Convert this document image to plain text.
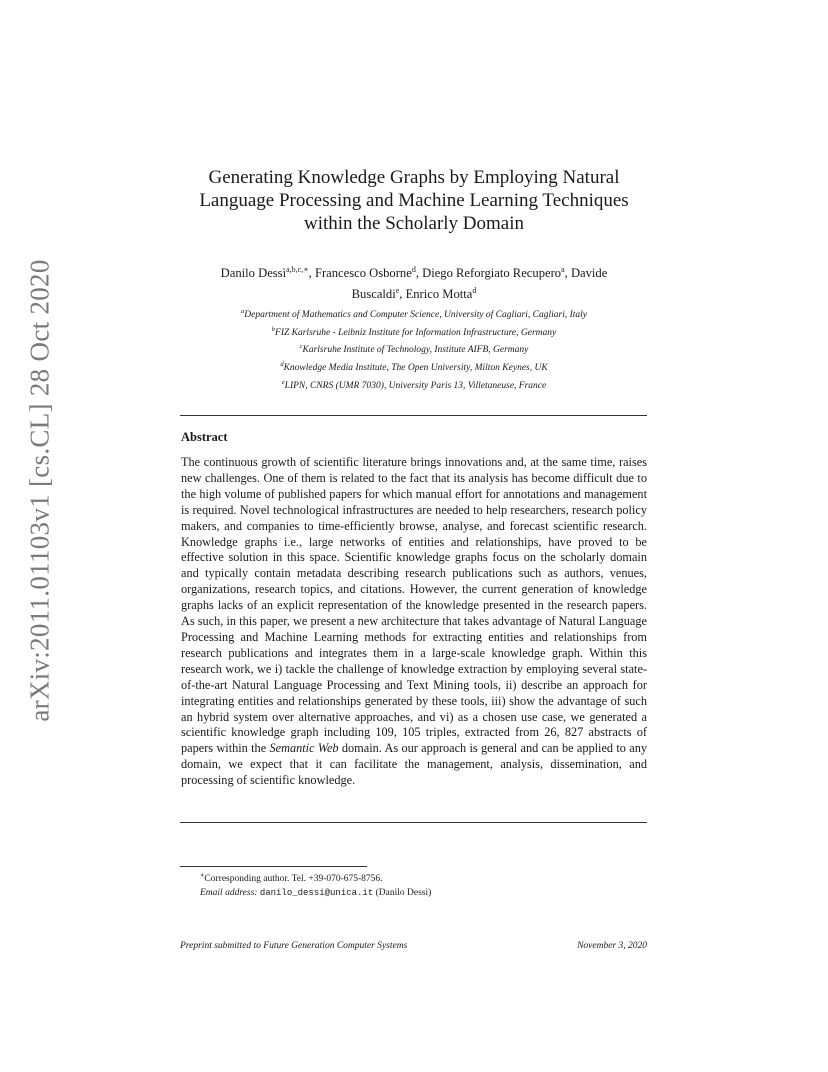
arXiv:2011.01103v1 [cs.CL] 28 Oct 2020
Generating Knowledge Graphs by Employing Natural
Language Processing and Machine Learning Techniques
within the Scholarly Domain
Danilo Dessì$^{a,b,c,∗}$, Francesco Osborne$^d$, Diego Reforgiato Recupero$^a$, Davide
Buscaldi$^e$, Enrico Motta$^d$
$^a$Department of Mathematics and Computer Science, University of Cagliari, Cagliari, Italy
$^b$FIZ Karlsruhe - Leibniz Institute for Information Infrastructure, Germany
$^c$Karlsruhe Institute of Technology, Institute AIFB, Germany
$^d$Knowledge Media Institute, The Open University, Milton Keynes, UK
$^e$LIPN, CNRS (UMR 7030), University Paris 13, Villetaneuse, France
Abstract

The continuous growth of scientific literature brings innovations and, at the same time, raises new challenges. One of them is related to the fact that its analysis has become difficult due to the high volume of published papers for which manual effort for annotations and management is required. Novel technological infrastructures are needed to help researchers, research policy makers, and companies to time-efficiently browse, analyse, and forecast scientific research. Knowledge graphs i.e., large networks of entities and relationships, have proved to be effective solution in this space. Scientific knowledge graphs focus on the scholarly domain and typically contain metadata describing research publications such as authors, venues, organizations, research topics, and citations. However, the current generation of knowledge graphs lacks of an explicit representation of the knowledge presented in the research papers. As such, in this paper, we present a new architecture that takes advantage of Natural Language Processing and Machine Learning methods for extracting entities and relationships from research publications and integrates them in a large-scale knowledge graph. Within this research work, we i) tackle the challenge of knowledge extraction by employing several state-of-the-art Natural Language Processing and Text Mining tools, ii) describe an approach for integrating entities and relationships generated by these tools, iii) show the advantage of such an hybrid system over alternative approaches, and vi) as a chosen use case, we generated a scientific knowledge graph including 109, 105 triples, extracted from 26, 827 abstracts of papers within the Semantic Web domain. As our approach is general and can be applied to any domain, we expect that it can facilitate the management, analysis, dissemination, and processing of scientific knowledge.

∗Corresponding author. Tel. +39-070-675-8756.
Email address: danilo_dessi@unica.it (Danilo Dessì)
Preprint submitted to Future Generation Computer Systems	November 3, 2020
